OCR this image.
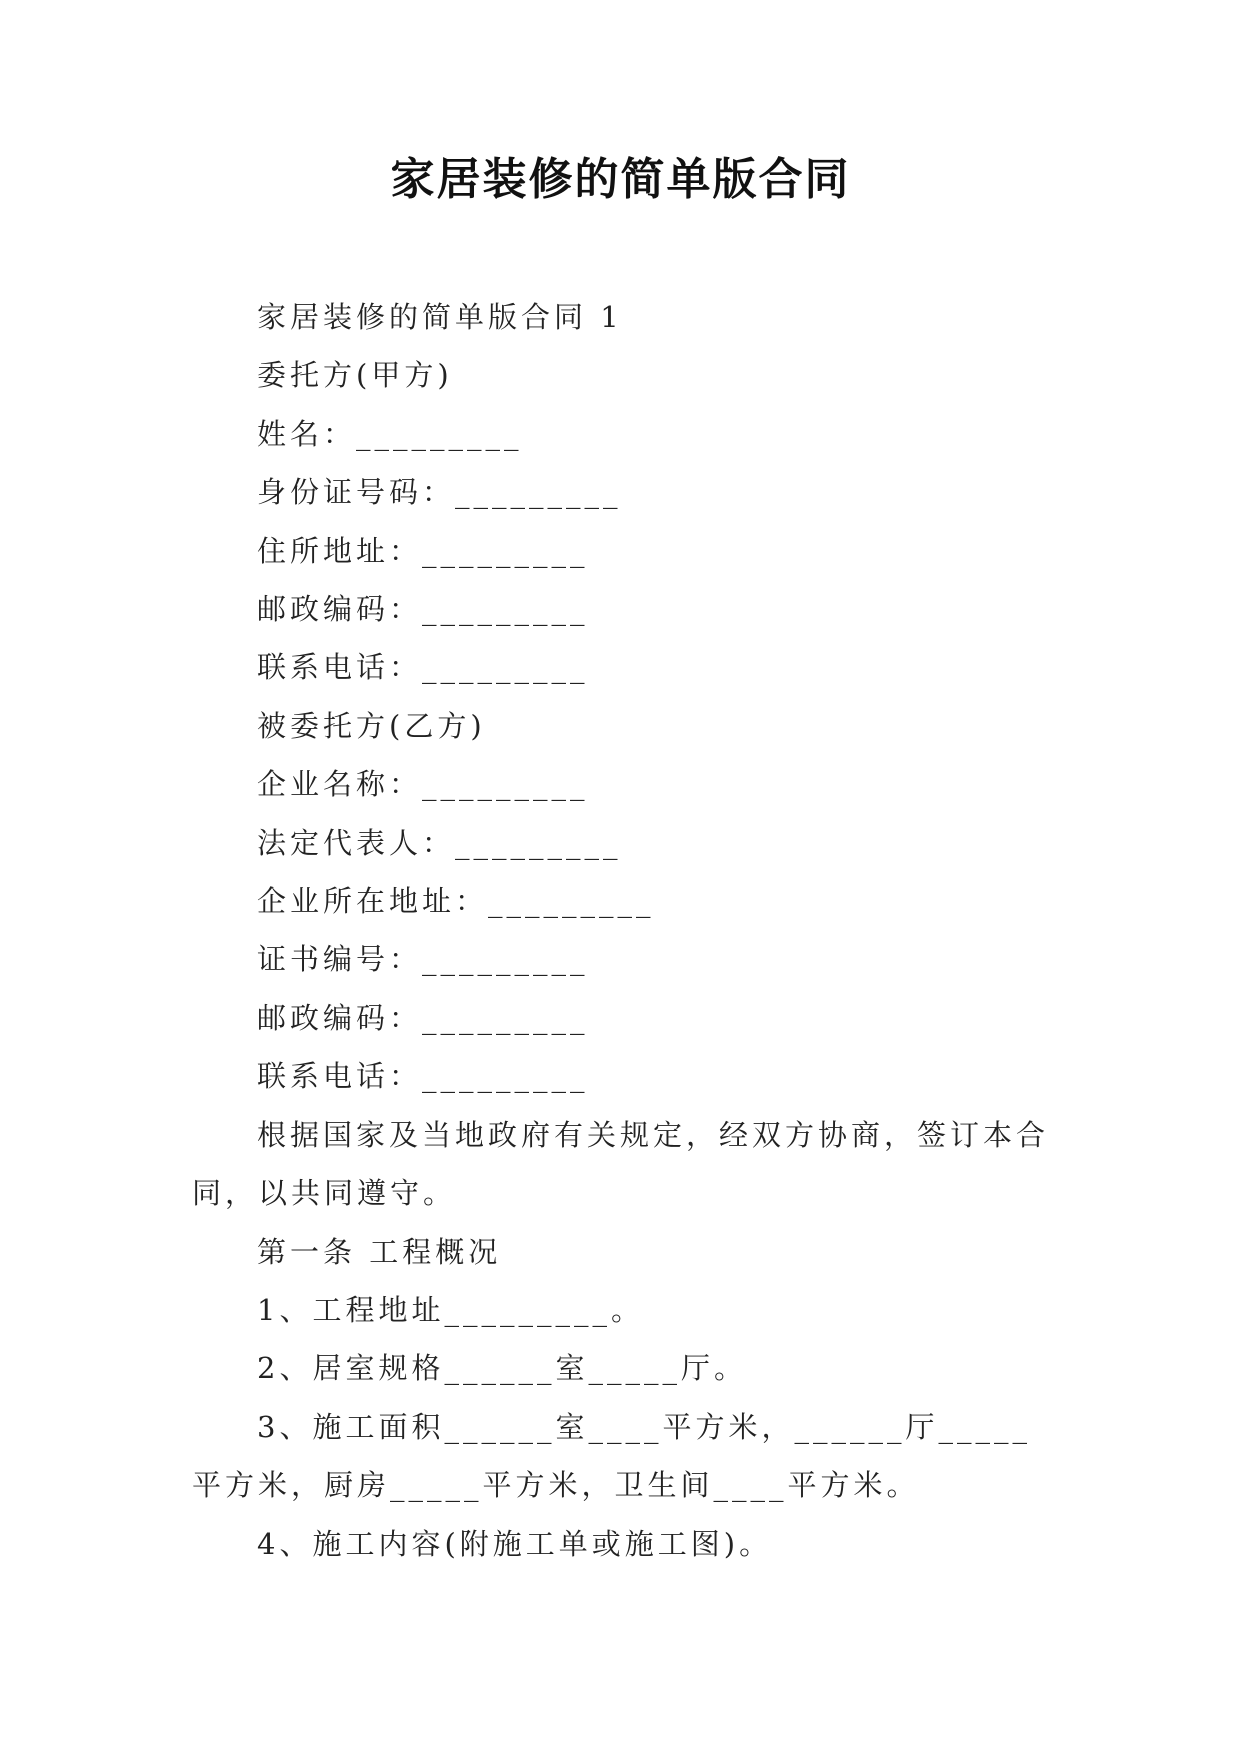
家居装修的简单版合同

家居装修的简单版合同 1

委托方(甲方)

姓名：_________

身份证号码：_________

住所地址：_________

邮政编码：_________

联系电话：_________

被委托方(乙方)

企业名称：_________

法定代表人：_________

企业所在地址：_________

证书编号：_________

邮政编码：_________

联系电话：_________

根据国家及当地政府有关规定，经双方协商，签订本合同，以共同遵守。

第一条 工程概况

1、工程地址_________。

2、居室规格______室_____厅。

3、施工面积______室____平方米，______厅_____平方米，厨房_____平方米，卫生间____平方米。

4、施工内容(附施工单或施工图)。
